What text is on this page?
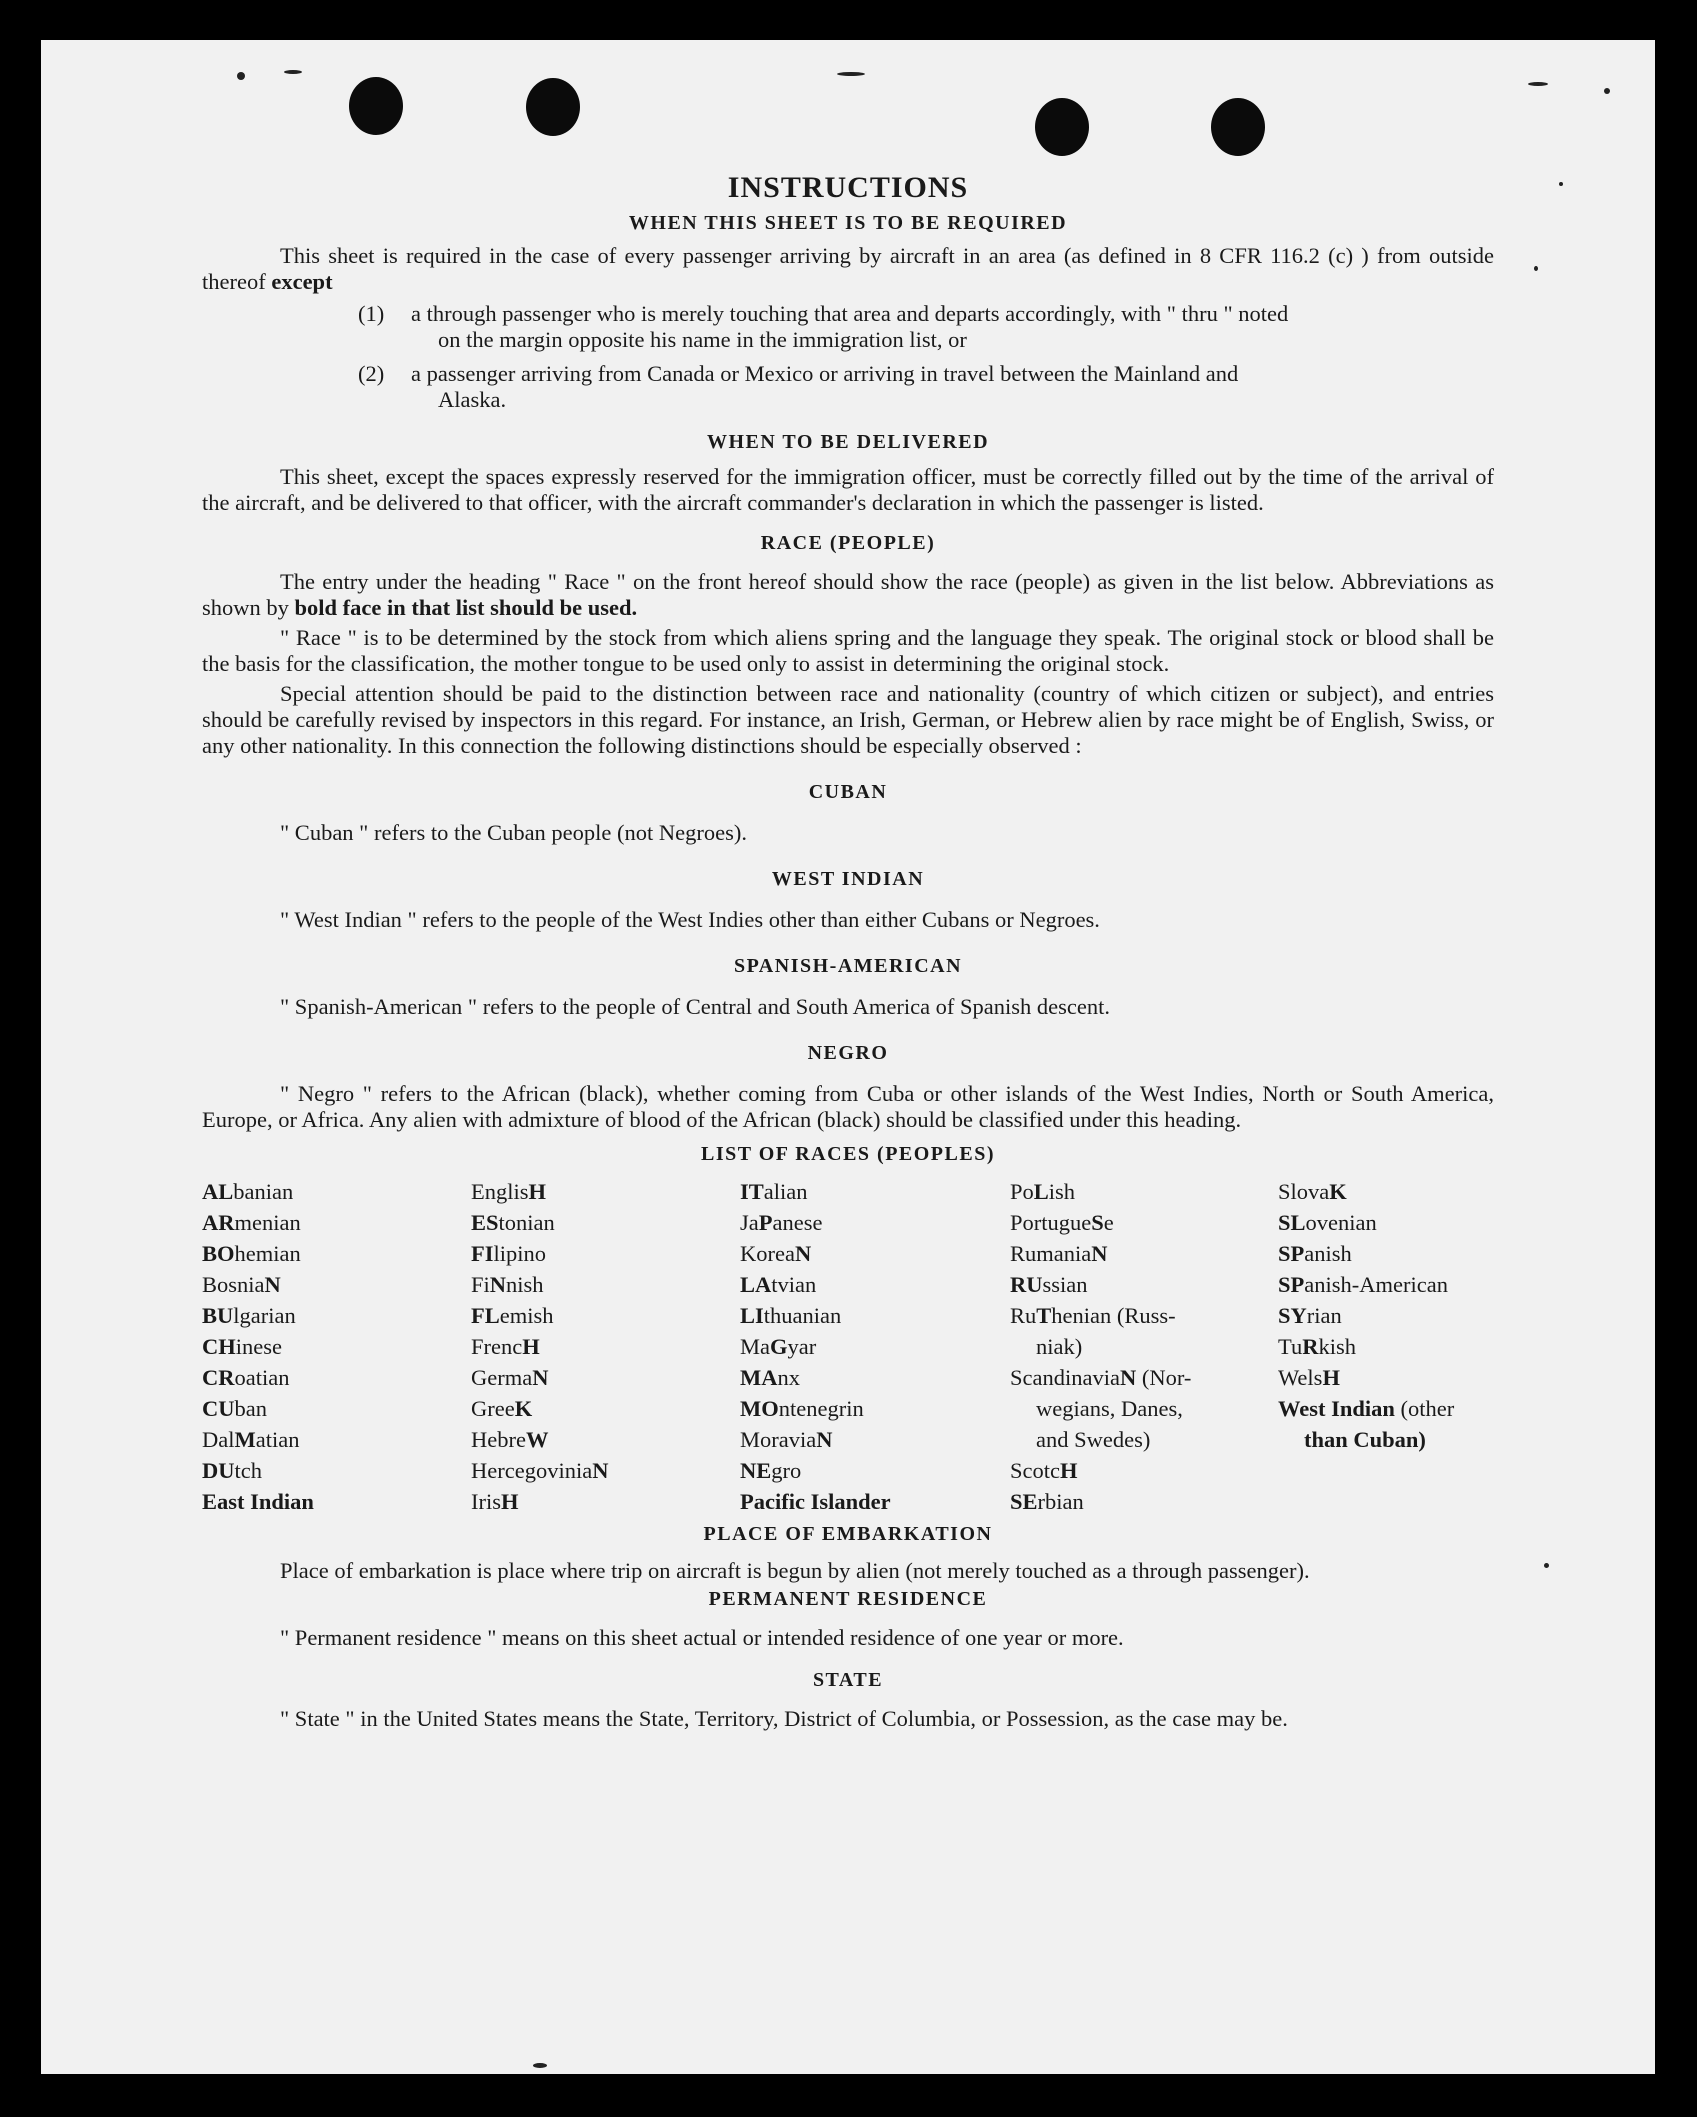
INSTRUCTIONS
WHEN THIS SHEET IS TO BE REQUIRED

This sheet is required in the case of every passenger arriving by aircraft in an area (as defined in 8 CFR 116.2 (c) ) from outside thereof except

(1)	a through passenger who is merely touching that area and departs accordingly, with " thru " noted
on the margin opposite his name in the immigration list, or
(2)	a passenger arriving from Canada or Mexico or arriving in travel between the Mainland and
Alaska.
WHEN TO BE DELIVERED

This sheet, except the spaces expressly reserved for the immigration officer, must be correctly filled out by the time of the arrival of the aircraft, and be delivered to that officer, with the aircraft commander's declaration in which the passenger is listed.

RACE (PEOPLE)

The entry under the heading " Race " on the front hereof should show the race (people) as given in the list below. Abbreviations as shown by bold face in that list should be used.

" Race " is to be determined by the stock from which aliens spring and the language they speak. The original stock or blood shall be the basis for the classification, the mother tongue to be used only to assist in determining the original stock.

Special attention should be paid to the distinction between race and nationality (country of which citizen or subject), and entries should be carefully revised by inspectors in this regard. For instance, an Irish, German, or Hebrew alien by race might be of English, Swiss, or any other nationality. In this connection the following distinctions should be especially observed :

CUBAN

" Cuban " refers to the Cuban people (not Negroes).

WEST INDIAN

" West Indian " refers to the people of the West Indies other than either Cubans or Negroes.

SPANISH-AMERICAN

" Spanish-American " refers to the people of Central and South America of Spanish descent.

NEGRO

" Negro " refers to the African (black), whether coming from Cuba or other islands of the West Indies, North or South America, Europe, or Africa. Any alien with admixture of blood of the African (black) should be classified under this heading.

LIST OF RACES (PEOPLES)
ALbanian
ARmenian
BOhemian
BosniaN
BUlgarian
CHinese
CRoatian
CUban
DalMatian
DUtch
East Indian
EnglisH
EStonian
FIlipino
FiNnish
FLemish
FrencH
GermaN
GreeK
HebreW
HercegoviniaN
IrisH
ITalian
JaPanese
KoreaN
LAtvian
LIthuanian
MaGyar
MAnx
MOntenegrin
MoraviaN
NEgro
Pacific Islander
PoLish
PortugueSe
RumaniaN
RUssian
RuThenian (Russ-
niak)
ScandinaviaN (Nor-
wegians, Danes,
and Swedes)
ScotcH
SErbian
SlovaK
SLovenian
SPanish
SPanish-American
SYrian
TuRkish
WelsH
West Indian (other
than Cuban)
PLACE OF EMBARKATION

Place of embarkation is place where trip on aircraft is begun by alien (not merely touched as a through passenger).

PERMANENT RESIDENCE

" Permanent residence " means on this sheet actual or intended residence of one year or more.

STATE

" State " in the United States means the State, Territory, District of Columbia, or Possession, as the case may be.
